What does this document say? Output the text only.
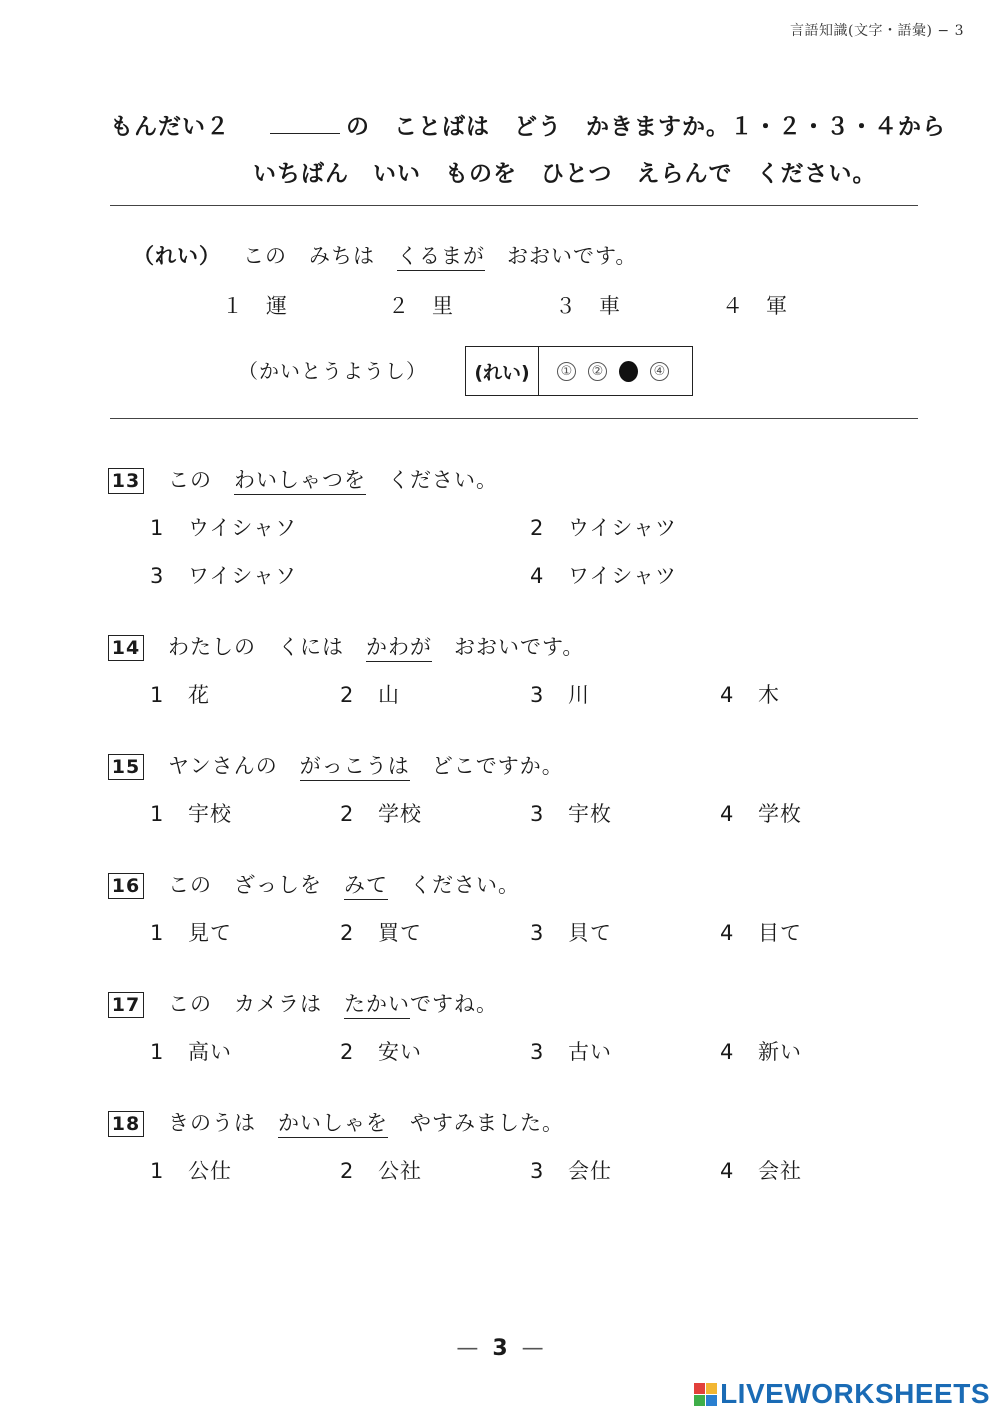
言語知識(文字・語彙) − 3
もんだい２	の　ことばは　どう　かきますか。１・２・３・４から
いちばん　いい　ものを　ひとつ　えらんで　ください。
（れい） この　みちは　くるまが　おおいです。
１　運	２　里	３　車	４　軍
（かいとうようし）	(れい)	① ②	④
13 この　わいしゃつを　ください。
1 ウイシャソ	2 ウイシャツ
3 ワイシャソ	4 ワイシャツ
14 わたしの　くには　かわが　おおいです。
1 花	2 山	3 川	4 木
15 ヤンさんの　がっこうは　どこですか。
1 宇校	2 学校	3 宇枚	4 学枚
16 この　ざっしを　みて　ください。
1 見て	2 買て	3 貝て	4 目て
17 この　カメラは　たかいですね。
1 高い	2 安い	3 古い	4 新い
18 きのうは　かいしゃを　やすみました。
1 公仕	2 公社	3 会仕	4 会社
— 3 —
LIVEWORKSHEETS
